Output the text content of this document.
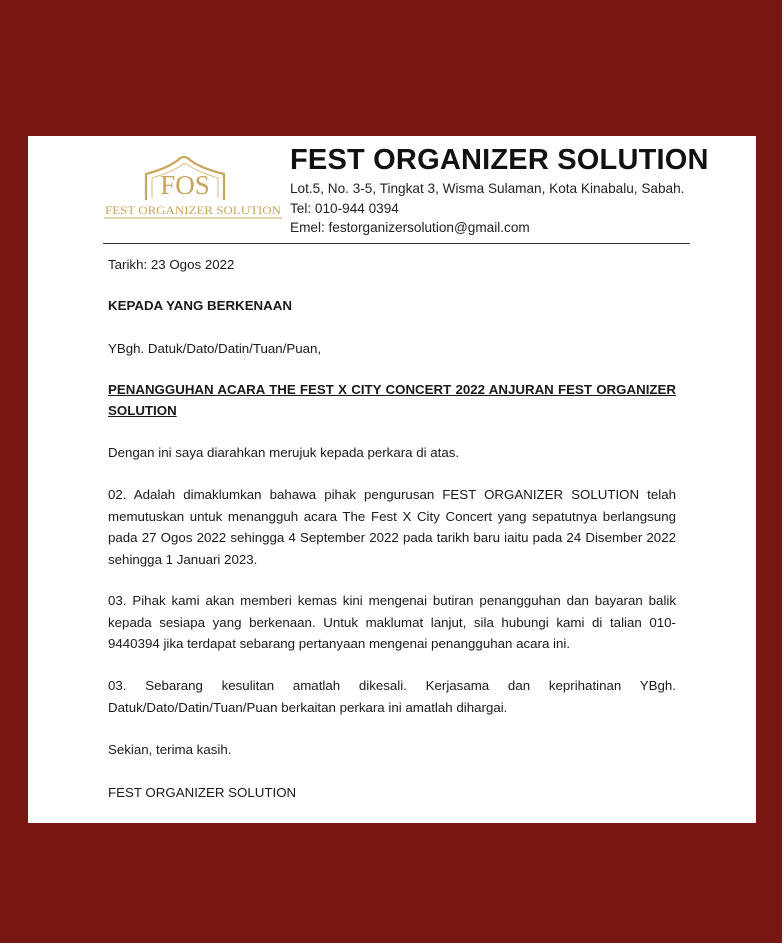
FOS
FEST ORGANIZER SOLUTION
FEST ORGANIZER SOLUTION
Lot.5, No. 3-5, Tingkat 3, Wisma Sulaman, Kota Kinabalu, Sabah.
Tel: 010-944 0394
Emel: festorganizersolution@gmail.com
Tarikh: 23 Ogos 2022
KEPADA YANG BERKENAAN
YBgh. Datuk/Dato/Datin/Tuan/Puan,
PENANGGUHAN ACARA THE FEST X CITY CONCERT 2022 ANJURAN FEST ORGANIZER SOLUTION
Dengan ini saya diarahkan merujuk kepada perkara di atas.
02. Adalah dimaklumkan bahawa pihak pengurusan FEST ORGANIZER SOLUTION telah memutuskan untuk menangguh acara The Fest X City Concert yang sepatutnya berlangsung pada 27 Ogos 2022 sehingga 4 September 2022 pada tarikh baru iaitu pada 24 Disember 2022 sehingga 1 Januari 2023.
03. Pihak kami akan memberi kemas kini mengenai butiran penangguhan dan bayaran balik kepada sesiapa yang berkenaan. Untuk maklumat lanjut, sila hubungi kami di talian 010-9440394 jika terdapat sebarang pertanyaan mengenai penangguhan acara ini.
03. Sebarang kesulitan amatlah dikesali. Kerjasama dan keprihatinan YBgh. Datuk/Dato/Datin/Tuan/Puan berkaitan perkara ini amatlah dihargai.
Sekian, terima kasih.
FEST ORGANIZER SOLUTION
